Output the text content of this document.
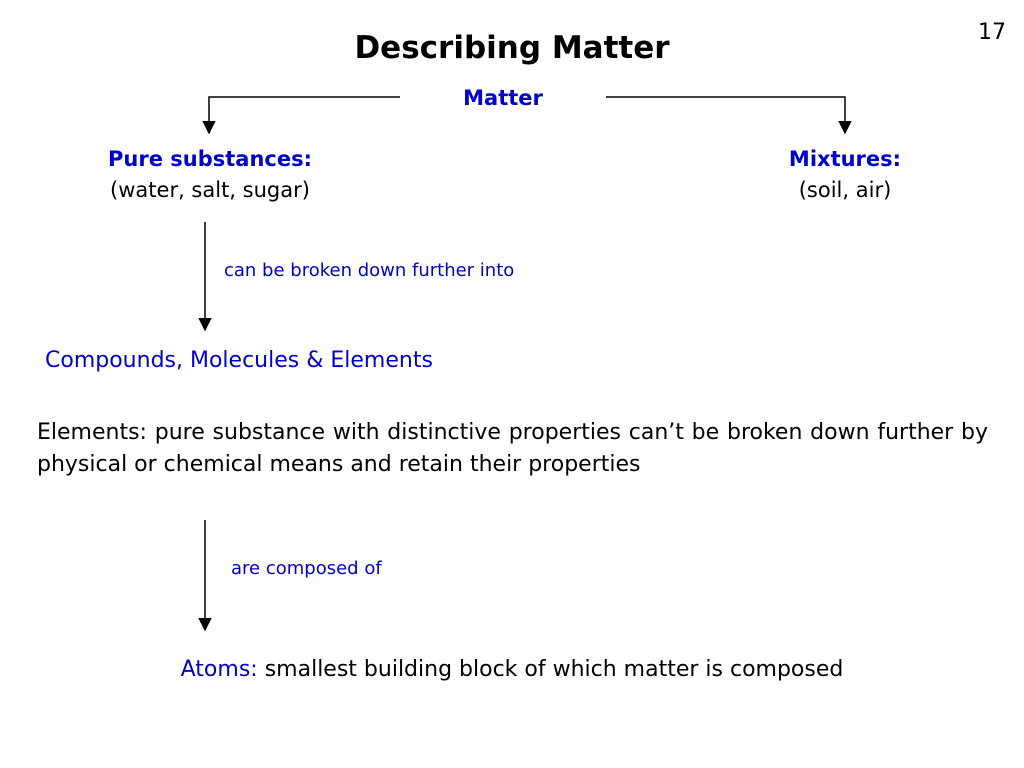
17
Describing Matter
Matter
Pure substances:
(water, salt, sugar)
Mixtures:
(soil, air)
can be broken down further into
Compounds, Molecules & Elements
Elements: pure substance with distinctive properties can’t be broken down further by physical or chemical means and retain their properties
are composed of
Atoms: smallest building block of which matter is composed
